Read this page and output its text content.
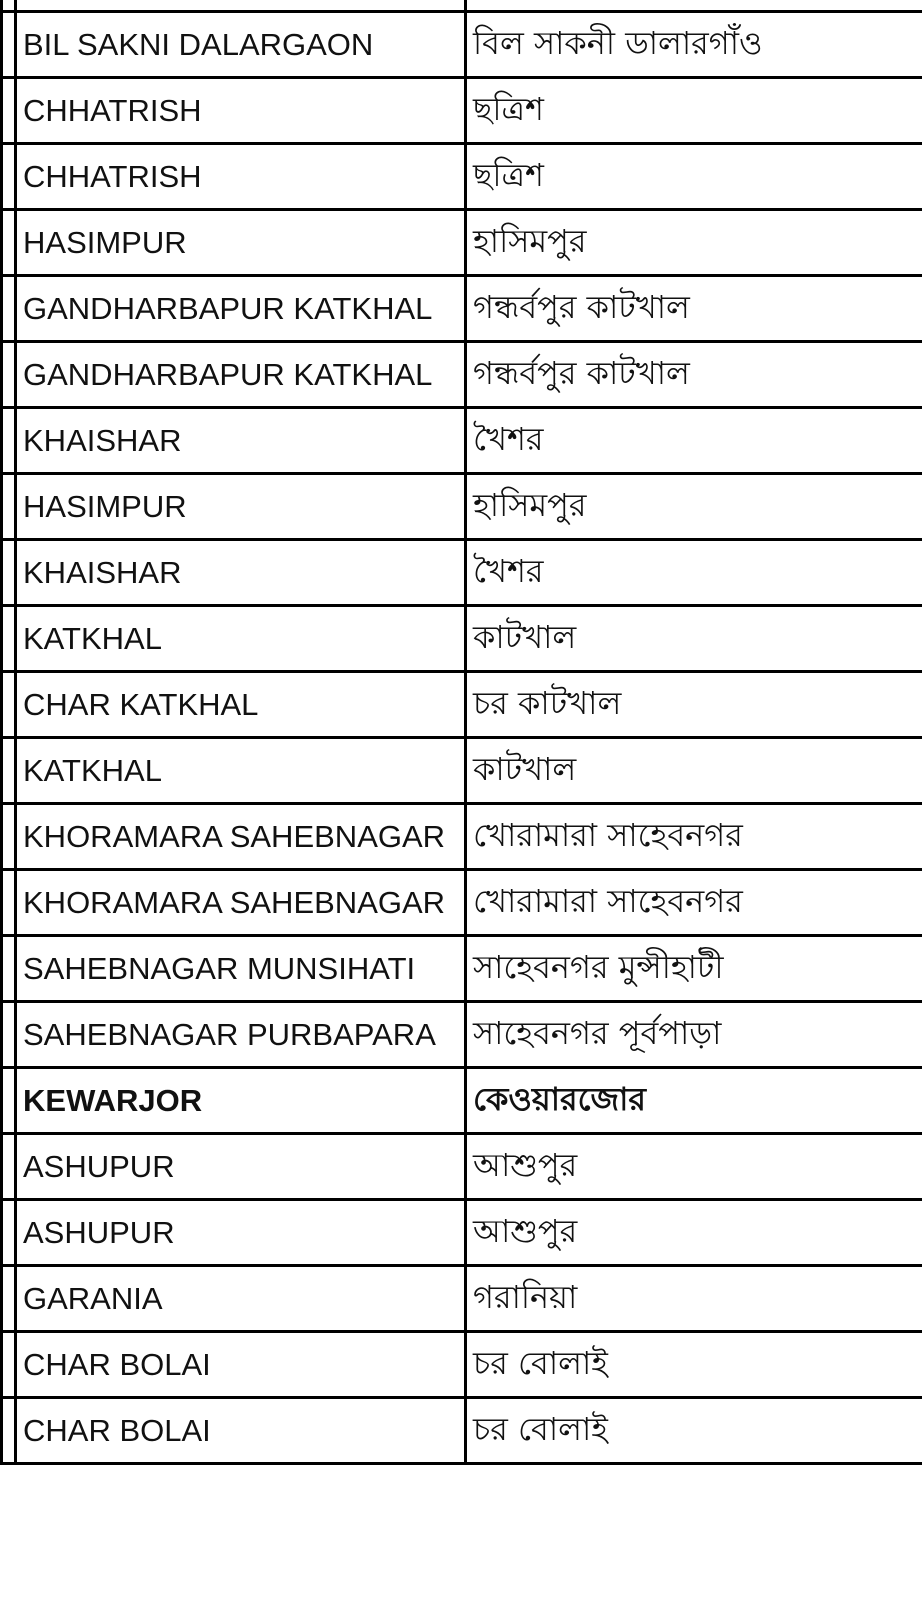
	BIL SAKNI DALARGAON	বিল সাকনী ডালারগাঁও
	CHHATRISH	ছত্রিশ
	CHHATRISH	ছত্রিশ
	HASIMPUR	হাসিমপুর
	GANDHARBAPUR KATKHAL	গন্ধর্বপুর কাটখাল
	GANDHARBAPUR KATKHAL	গন্ধর্বপুর কাটখাল
	KHAISHAR	খৈশর
	HASIMPUR	হাসিমপুর
	KHAISHAR	খৈশর
	KATKHAL	কাটখাল
	CHAR KATKHAL	চর কাটখাল
	KATKHAL	কাটখাল
	KHORAMARA SAHEBNAGAR	খোরামারা সাহেবনগর
	KHORAMARA SAHEBNAGAR	খোরামারা সাহেবনগর
	SAHEBNAGAR MUNSIHATI	সাহেবনগর মুন্সীহাটী
	SAHEBNAGAR PURBAPARA	সাহেবনগর পূর্বপাড়া
	KEWARJOR	কেওয়ারজোর
	ASHUPUR	আশুপুর
	ASHUPUR	আশুপুর
	GARANIA	গরানিয়া
	CHAR BOLAI	চর বোলাই
	CHAR BOLAI	চর বোলাই
